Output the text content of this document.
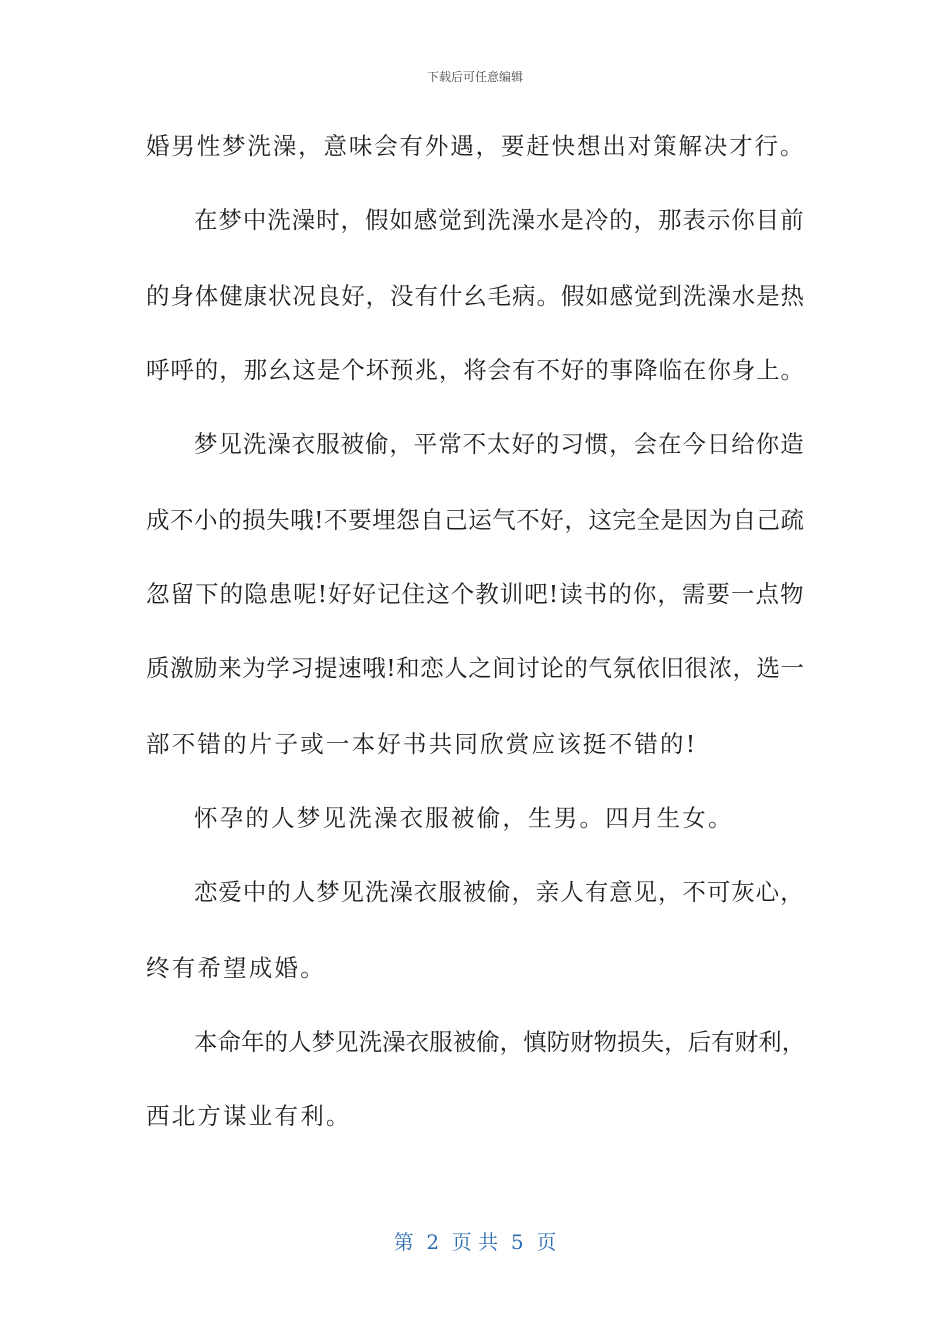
下载后可任意编辑
婚男性梦洗澡，意味会有外遇，要赶快想出对策解决才行。
在梦中洗澡时，假如感觉到洗澡水是冷的，那表示你目前
的身体健康状况良好，没有什幺毛病。假如感觉到洗澡水是热
呼呼的，那幺这是个坏预兆，将会有不好的事降临在你身上。
梦见洗澡衣服被偷，平常不太好的习惯，会在今日给你造
成不小的损失哦!不要埋怨自己运气不好，这完全是因为自己疏
忽留下的隐患呢!好好记住这个教训吧!读书的你，需要一点物
质激励来为学习提速哦!和恋人之间讨论的气氛依旧很浓，选一
部不错的片子或一本好书共同欣赏应该挺不错的!
怀孕的人梦见洗澡衣服被偷，生男。四月生女。
恋爱中的人梦见洗澡衣服被偷，亲人有意见，不可灰心，
终有希望成婚。
本命年的人梦见洗澡衣服被偷，慎防财物损失，后有财利，
西北方谋业有利。
第  2  页 共  5  页
